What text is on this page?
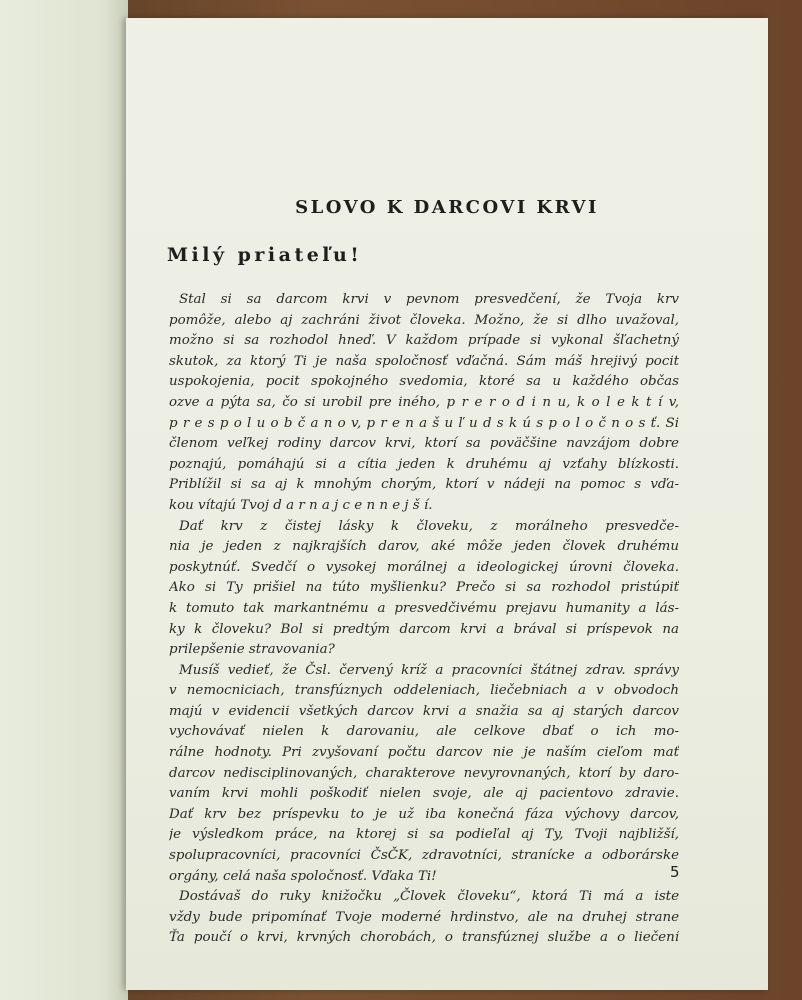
SLOVO K DARCOVI KRVI
Milý priateľu!
Stal si sa darcom krvi v pevnom presvedčení, že Tvoja krv
pomôže, alebo aj zachráni život človeka. Možno, že si dlho uvažoval,
možno si sa rozhodol hneď. V každom prípade si vykonal šľachetný
skutok, za ktorý Ti je naša spoločnosť vďačná. Sám máš hrejivý pocit
uspokojenia, pocit spokojného svedomia, ktoré sa u každého občas
ozve a pýta sa, čo si urobil pre iného, p r e r o d i n u, k o l e k t í v,
p r e s p o l u o b č a n o v, p r e n a š u ľ u d s k ú s p o l o č n o s ť. Si
členom veľkej rodiny darcov krvi, ktorí sa poväčšine navzájom dobre
poznajú, pomáhajú si a cítia jeden k druhému aj vzťahy blízkosti.
Priblížil si sa aj k mnohým chorým, ktorí v nádeji na pomoc s vďa-
kou vítajú Tvoj d a r n a j c e n n e j š í.
Dať krv z čistej lásky k človeku, z morálneho presvedče-
nia je jeden z najkrajších darov, aké môže jeden človek druhému
poskytnúť. Svedčí o vysokej morálnej a ideologickej úrovni človeka.
Ako si Ty prišiel na túto myšlienku? Prečo si sa rozhodol pristúpiť
k tomuto tak markantnému a presvedčivému prejavu humanity a lás-
ky k človeku? Bol si predtým darcom krvi a brával si príspevok na
prilepšenie stravovania?
Musíš vedieť, že Čsl. červený kríž a pracovníci štátnej zdrav. správy
v nemocniciach, transfúznych oddeleniach, liečebniach a v obvodoch
majú v evidencii všetkých darcov krvi a snažia sa aj starých darcov
vychovávať nielen k darovaniu, ale celkove dbať o ich mo-
rálne hodnoty. Pri zvyšovaní počtu darcov nie je naším cieľom mať
darcov nedisciplinovaných, charakterove nevyrovnaných, ktorí by daro-
vaním krvi mohli poškodiť nielen svoje, ale aj pacientovo zdravie.
Dať krv bez príspevku to je už iba konečná fáza výchovy darcov,
je výsledkom práce, na ktorej si sa podieľal aj Ty, Tvoji najbližší,
spolupracovníci, pracovníci ČsČK, zdravotníci, stranícke a odborárske
orgány, celá naša spoločnosť. Vďaka Ti!
Dostávaš do ruky knižočku „Človek človeku“, ktorá Ti má a iste
vždy bude pripomínať Tvoje moderné hrdinstvo, ale na druhej strane
Ťa poučí o krvi, krvných chorobách, o transfúznej službe a o liečení
5
